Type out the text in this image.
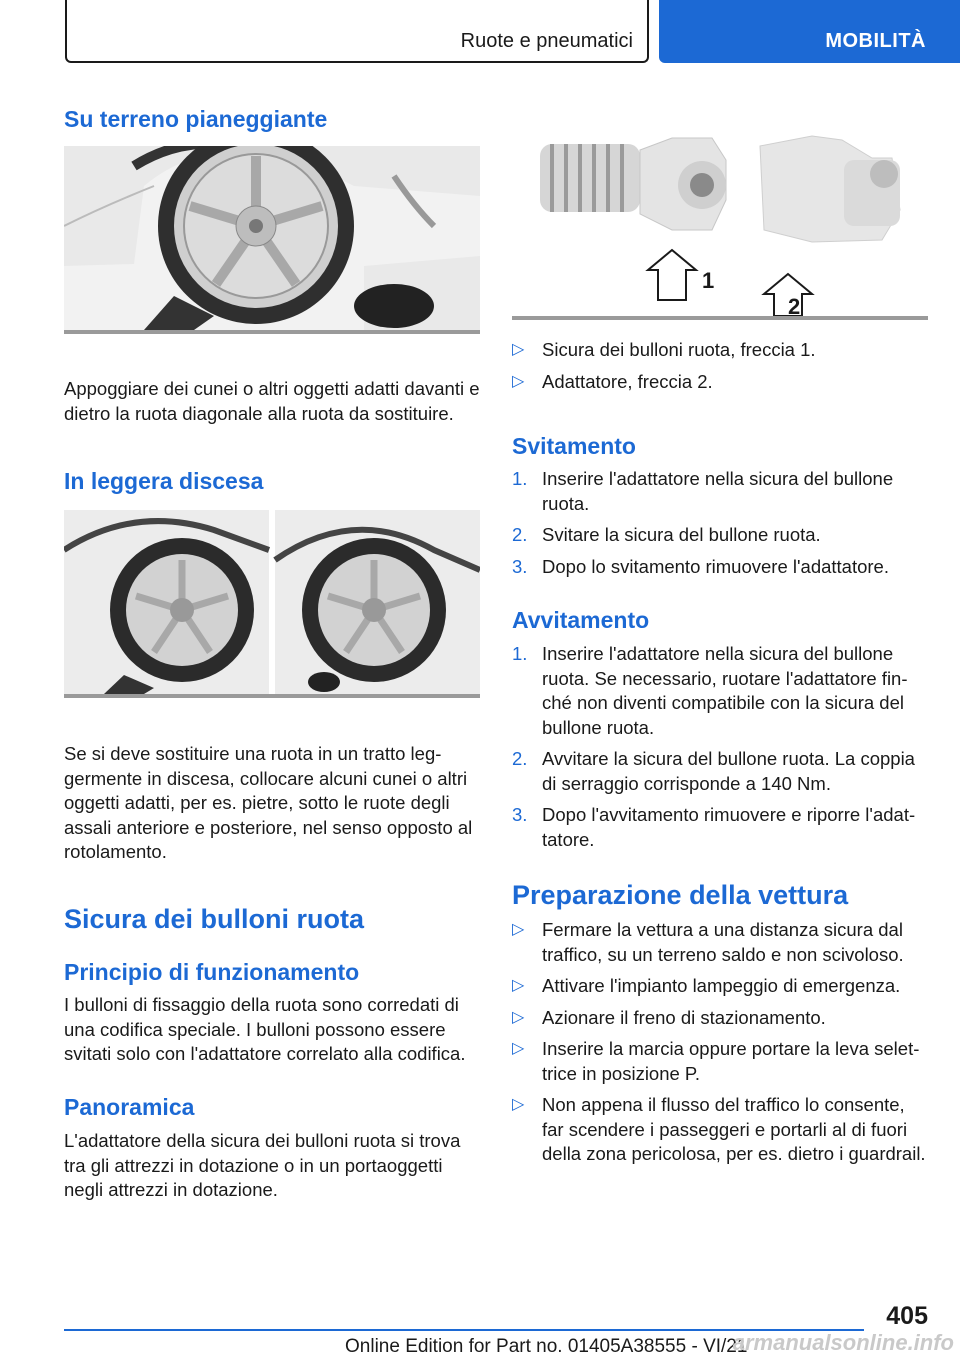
Ruote e pneumatici	MOBILITÀ
Su terreno pianeggiante

Appoggiare dei cunei o altri oggetti adatti davanti e dietro la ruota diagonale alla ruota da sostituire.

In leggera discesa

Se si deve sostituire una ruota in un tratto leggermente in discesa, collocare alcuni cunei o altri oggetti adatti, per es. pietre, sotto le ruote degli assali anteriore e posteriore, nel senso opposto al rotolamento.

Sicura dei bulloni ruota
Principio di funzionamento

I bulloni di fissaggio della ruota sono corredati di una codifica speciale. I bulloni possono essere svitati solo con l'adattatore correlato alla codifica.

Panoramica

L'adattatore della sicura dei bulloni ruota si trova tra gli attrezzi in dotazione o in un portaoggetti negli attrezzi in dotazione.

1
2
▷ Sicura dei bulloni ruota, freccia 1.
▷ Adattatore, freccia 2.
Svitamento
1. Inserire l'adattatore nella sicura del bullone ruota.
2. Svitare la sicura del bullone ruota.
3. Dopo lo svitamento rimuovere l'adattatore.
Avvitamento
1. Inserire l'adattatore nella sicura del bullone ruota. Se necessario, ruotare l'adattatore finché non diventi compatibile con la sicura del bullone ruota.
2. Avvitare la sicura del bullone ruota. La coppia di serraggio corrisponde a 140 Nm.
3. Dopo l'avvitamento rimuovere e riporre l'adattatore.
Preparazione della vettura
▷ Fermare la vettura a una distanza sicura dal traffico, su un terreno saldo e non scivoloso.
▷ Attivare l'impianto lampeggio di emergenza.
▷ Azionare il freno di stazionamento.
▷ Inserire la marcia oppure portare la leva selettrice in posizione P.
▷ Non appena il flusso del traffico lo consente, far scendere i passeggeri e portarli al di fuori della zona pericolosa, per es. dietro i guardrail.
405
Online Edition for Part no. 01405A38555 - VI/21
armanualsonline.info
